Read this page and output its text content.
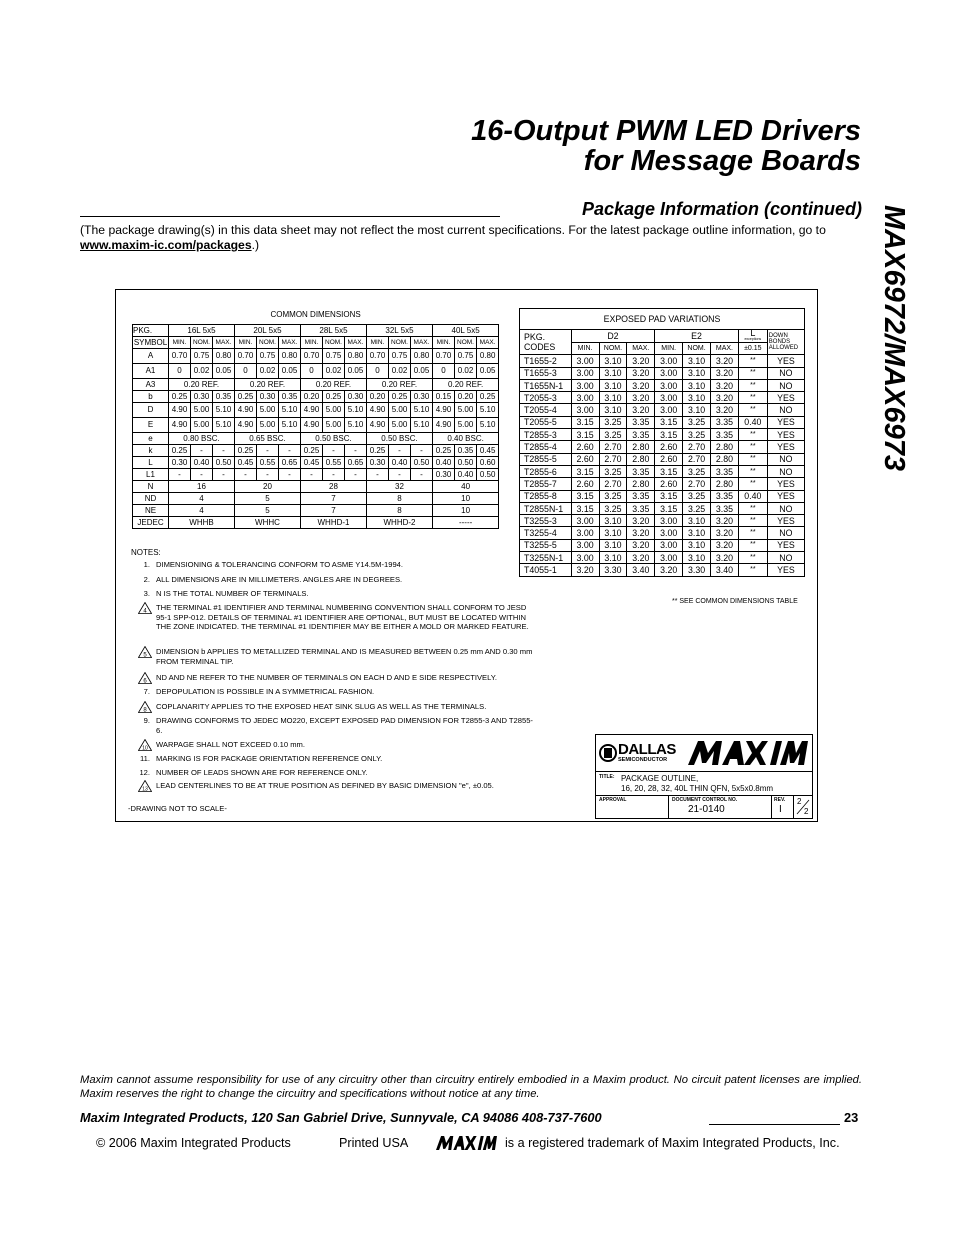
16-Output PWM LED Drivers
for Message Boards
MAX6972/MAX6973
Package Information (continued)
(The package drawing(s) in this data sheet may not reflect the most current specifications. For the latest package outline information, go to www.maxim-ic.com/packages.)
COMMON DIMENSIONS															
PKG.	16L 5x5			20L 5x5			28L 5x5			32L 5x5			40L 5x5		
SYMBOL	MIN.	NOM.	MAX.	MIN.	NOM.	MAX.	MIN.	NOM.	MAX.	MIN.	NOM.	MAX.	MIN.	NOM.	MAX.
A	0.70	0.75	0.80	0.70	0.75	0.80	0.70	0.75	0.80	0.70	0.75	0.80	0.70	0.75	0.80
A1	0	0.02	0.05	0	0.02	0.05	0	0.02	0.05	0	0.02	0.05	0	0.02	0.05
A3	0.20 REF.			0.20 REF.			0.20 REF.			0.20 REF.			0.20 REF.		
b	0.25	0.30	0.35	0.25	0.30	0.35	0.20	0.25	0.30	0.20	0.25	0.30	0.15	0.20	0.25
D	4.90	5.00	5.10	4.90	5.00	5.10	4.90	5.00	5.10	4.90	5.00	5.10	4.90	5.00	5.10
E	4.90	5.00	5.10	4.90	5.00	5.10	4.90	5.00	5.10	4.90	5.00	5.10	4.90	5.00	5.10
e	0.80 BSC.			0.65 BSC.			0.50 BSC.			0.50 BSC.			0.40 BSC.		
k	0.25	-	-	0.25	-	-	0.25	-	-	0.25	-	-	0.25	0.35	0.45
L	0.30	0.40	0.50	0.45	0.55	0.65	0.45	0.55	0.65	0.30	0.40	0.50	0.40	0.50	0.60
L1	-	-	-	-	-	-	-	-	-	-	-	-	0.30	0.40	0.50
N	16			20			28			32			40		
ND	4			5			7			8			10		
NE	4			5			7			8			10		
JEDEC	WHHB			WHHC			WHHD-1			WHHD-2			-----		
EXPOSED PAD VARIATIONS								
PKG. CODES	D2			E2			L
exceptions	DOWN BONDS ALLOWED
	MIN.	NOM.	MAX.	MIN.	NOM.	MAX.	±0.15	
T1655-2	3.00	3.10	3.20	3.00	3.10	3.20	**	YES
T1655-3	3.00	3.10	3.20	3.00	3.10	3.20	**	NO
T1655N-1	3.00	3.10	3.20	3.00	3.10	3.20	**	NO
T2055-3	3.00	3.10	3.20	3.00	3.10	3.20	**	YES
T2055-4	3.00	3.10	3.20	3.00	3.10	3.20	**	NO
T2055-5	3.15	3.25	3.35	3.15	3.25	3.35	0.40	YES
T2855-3	3.15	3.25	3.35	3.15	3.25	3.35	**	YES
T2855-4	2.60	2.70	2.80	2.60	2.70	2.80	**	YES
T2855-5	2.60	2.70	2.80	2.60	2.70	2.80	**	NO
T2855-6	3.15	3.25	3.35	3.15	3.25	3.35	**	NO
T2855-7	2.60	2.70	2.80	2.60	2.70	2.80	**	YES
T2855-8	3.15	3.25	3.35	3.15	3.25	3.35	0.40	YES
T2855N-1	3.15	3.25	3.35	3.15	3.25	3.35	**	NO
T3255-3	3.00	3.10	3.20	3.00	3.10	3.20	**	YES
T3255-4	3.00	3.10	3.20	3.00	3.10	3.20	**	NO
T3255-5	3.00	3.10	3.20	3.00	3.10	3.20	**	YES
T3255N-1	3.00	3.10	3.20	3.00	3.10	3.20	**	NO
T4055-1	3.20	3.30	3.40	3.20	3.30	3.40	**	YES
** SEE COMMON DIMENSIONS TABLE
NOTES:
1. DIMENSIONING & TOLERANCING CONFORM TO ASME Y14.5M-1994.
2. ALL DIMENSIONS ARE IN MILLIMETERS. ANGLES ARE IN DEGREES.
3. N IS THE TOTAL NUMBER OF TERMINALS.
4 THE TERMINAL #1 IDENTIFIER AND TERMINAL NUMBERING CONVENTION SHALL CONFORM TO JESD 95-1 SPP-012. DETAILS OF TERMINAL #1 IDENTIFIER ARE OPTIONAL, BUT MUST BE LOCATED WITHIN THE ZONE INDICATED. THE TERMINAL #1 IDENTIFIER MAY BE EITHER A MOLD OR MARKED FEATURE.
5 DIMENSION b APPLIES TO METALLIZED TERMINAL AND IS MEASURED BETWEEN 0.25 mm AND 0.30 mm FROM TERMINAL TIP.
6 ND AND NE REFER TO THE NUMBER OF TERMINALS ON EACH D AND E SIDE RESPECTIVELY.
7. DEPOPULATION IS POSSIBLE IN A SYMMETRICAL FASHION.
8 COPLANARITY APPLIES TO THE EXPOSED HEAT SINK SLUG AS WELL AS THE TERMINALS.
9. DRAWING CONFORMS TO JEDEC MO220, EXCEPT EXPOSED PAD DIMENSION FOR T2855-3 AND T2855-6.
10 WARPAGE SHALL NOT EXCEED 0.10 mm.
11. MARKING IS FOR PACKAGE ORIENTATION REFERENCE ONLY.
12. NUMBER OF LEADS SHOWN ARE FOR REFERENCE ONLY.
13 LEAD CENTERLINES TO BE AT TRUE POSITION AS DEFINED BY BASIC DIMENSION "e", ±0.05.
-DRAWING NOT TO SCALE-
DALLAS
SEMICONDUCTOR
TITLE: PACKAGE OUTLINE,
16, 20, 28, 32, 40L THIN QFN, 5x5x0.8mm
APPROVAL	DOCUMENT CONTROL NO.
21-0140
REV.
I
2
2
Maxim cannot assume responsibility for use of any circuitry other than circuitry entirely embodied in a Maxim product. No circuit patent licenses are implied. Maxim reserves the right to change the circuitry and specifications without notice at any time.
Maxim Integrated Products, 120 San Gabriel Drive, Sunnyvale, CA 94086 408-737-7600	23
© 2006 Maxim Integrated Products	Printed USA	is a registered trademark of Maxim Integrated Products, Inc.
